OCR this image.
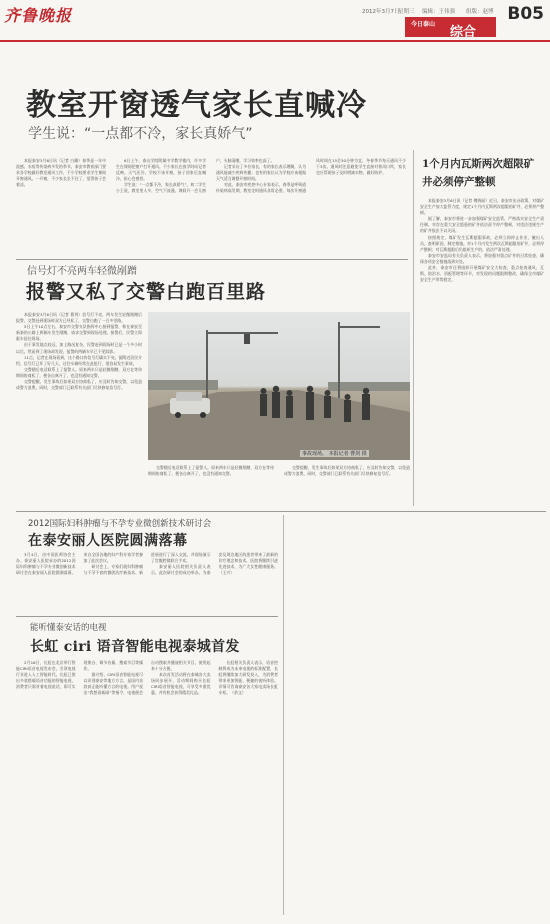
齐鲁晚报	2012年3月7日
星期三 编辑：王伟强 组版：赵博 B05
今日泰山
综合
教室开窗透气家长直喊冷
学生说：“一点都不冷，家长真娇气”

本报泰安3月6日讯（记者 白璐）春季是一年中流感、水痘等传染病多发的季节。泰安市教育部门要求各学校做好教室通风工作，不少学校要求学生课间开窗通风。一开窗，不少家长坐不住了，觉得孩子会着凉。

6日上午，泰山学院附属中学教学楼内，许多学生在课间把窗户打开通风。不少家长在放学时向记者反映，天气还冷，学校不该开窗，孩子回家后直喊冷，担心会感冒。

学生说：“一点都不冷，家长真娇气”。初二学生小王说，教室里人多，空气不流通，课间开一会儿窗户，头脑清醒，学习效率也高了。

记者采访了多位家长，有的家长表示理解，认为通风能减少疾病传播；也有的家长认为学校应该根据天气适当调整开窗时间。

对此，泰安市疾控中心专家表示，春季是呼吸道传染病高发期，教室定时通风非常必要。每次开窗通风时间在15至30分钟为宜，冬春季节每天通风不少于3次。通风时注意避免学生直接对着风口吹，家长也应帮助孩子及时增减衣物，做好防护。

信号灯不亮两车轻微剐蹭
报警又私了交警白跑百里路

本报泰安3月6日讯（记者 曹剑）信号灯不亮，两车发生轻微剐蹭后报警，交警赶到现场时双方已经私了，交警白跑了一百多里路。

5日上午10点左右，泰安市交警支队指挥中心接到报警，称在泰安至新泰的公路上两辆车发生剐蹭，请求交警到现场处理。接警后，民警立即驱车赶往现场。

由于事发地点较远，加上路况复杂，民警赶到现场时已是一个多小时以后。然而到了现场却发现，报警的两辆车早已不见踪影。

11点，记者在现场看到，这个路口的信号灯确实不亮。据附近居民介绍，信号灯已坏了好几天，过往车辆经常在此抢行，很容易发生事故。

交警随后电话联系上了报警人。原来两车只是轻微剐蹭，双方在等待期间协商私了，便各自离开了，也没有通知交警。

交警提醒，发生事故后如果双方协商私了，应及时告知交警，以免造成警力浪费。同时，交警部门已联系有关部门尽快修复信号灯。

事故现场。 本报记者 曹剑 摄

交警随后电话联系上了报警人。原来两车只是轻微剐蹭，双方在等待期间协商私了，便各自离开了，也没有通知交警。

交警提醒，发生事故后如果双方协商私了，应及时告知交警，以免造成警力浪费。同时，交警部门已联系有关部门尽快修复信号灯。

1个月内瓦斯两次超限矿井必须停产整顿

本报泰安3月6日讯（记者 傅海丽）近日，泰安市出台政策，对煤矿安全生产加大监管力度，规定1个月内瓦斯两次超限的矿井，必须停产整顿。

据了解，泰安市将进一步加强煤矿安全监管，严格落实安全生产责任制，对存在重大安全隐患的矿井依法责令停产整顿，对违法违规生产的矿井依法予以关闭。

按照规定，煤矿发生瓦斯超限事故，必须立即停止作业，撤出人员，查明原因，制定措施。对1个月内发生两次瓦斯超限的矿井，必须停产整顿；对瓦斯超限后仍组织生产的，依法严肃处理。

泰安市安监局有关负责人表示，将加强对重点矿井的日常检查，确保各项安全措施落到实处。

此外，泰安市还将组织开展煤矿安全大检查，重点检查通风、瓦斯、防治水、顶板管理等环节，对发现的问题限期整改，确保全市煤矿安全生产形势稳定。

2012国际妇科肿瘤与不孕专业微创新技术研讨会
在泰安丽人医院圆满落幕

3月4日，由中国医师协会主办、泰安丽人医院承办的2012国际妇科肿瘤与不孕专业微创新技术研讨会在泰安丽人医院圆满落幕。来自全国各地的妇产科专家学者参加了此次会议。

研讨会上，专家们就妇科肿瘤与不孕不育的微创治疗新技术、新进展进行了深入交流，并现场演示了宫腹腔镜联合手术。

泰安丽人医院相关负责人表示，此次研讨会的成功举办，为泰安及周边地区的患者带来了最新的诊疗理念和技术，医院将继续引进先进技术，为广大女性健康服务。（王兴）

能听懂泰安话的电视
长虹 ciri 语音智能电视泰城首发

2月16日，长虹在北京举行智能CIRI语音电视发布会，引领电视行业进入人工智能时代。长虹已推出多款搭载语音功能的智能电视，消费者只需对着电视说话，即可实现换台、调节音量、搜索节目等操作。

据介绍，CIRI语音智能电视可以识别泰安等地方方言，是国内首款真正能听懂方言的电视。用户说出“我想看新闻”等指令，电视便会自动搜索并播放相关节目，使用起来十分方便。

本次首发活动将在泰城各大卖场同步展开，活动期间购买长虹CIRI语音智能电视，可享受多重优惠，并有机会获得精美礼品。

长虹相关负责人表示，语音控制将成为未来电视的标准配置，长虹将继续加大研发投入，为消费者带来更加智能、便捷的视听体验。详情可咨询泰安各大家电卖场长虹专柜。（余文）
